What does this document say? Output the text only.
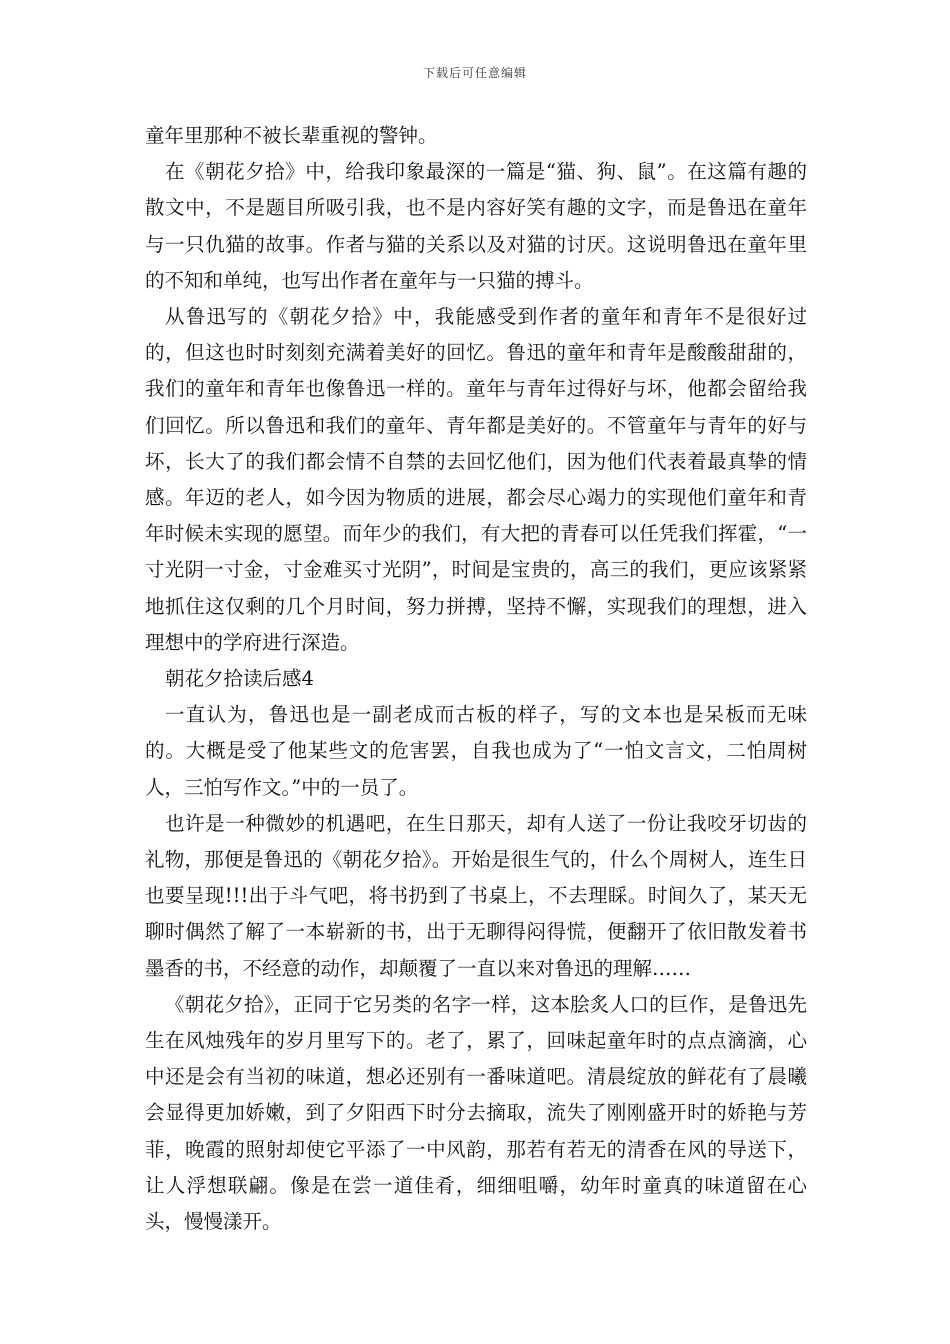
下载后可任意编辑

童年里那种不被长辈重视的警钟。

在《朝花夕拾》中，给我印象最深的一篇是“猫、狗、鼠”。在这篇有趣的散文中，不是题目所吸引我，也不是内容好笑有趣的文字，而是鲁迅在童年与一只仇猫的故事。作者与猫的关系以及对猫的讨厌。这说明鲁迅在童年里的不知和单纯，也写出作者在童年与一只猫的搏斗。

从鲁迅写的《朝花夕拾》中，我能感受到作者的童年和青年不是很好过的，但这也时时刻刻充满着美好的回忆。鲁迅的童年和青年是酸酸甜甜的，我们的童年和青年也像鲁迅一样的。童年与青年过得好与坏，他都会留给我们回忆。所以鲁迅和我们的童年、青年都是美好的。不管童年与青年的好与坏，长大了的我们都会情不自禁的去回忆他们，因为他们代表着最真挚的情感。年迈的老人，如今因为物质的进展，都会尽心竭力的实现他们童年和青年时候未实现的愿望。而年少的我们，有大把的青春可以任凭我们挥霍，“一寸光阴一寸金，寸金难买寸光阴”，时间是宝贵的，高三的我们，更应该紧紧地抓住这仅剩的几个月时间，努力拼搏，坚持不懈，实现我们的理想，进入理想中的学府进行深造。

朝花夕拾读后感4

一直认为，鲁迅也是一副老成而古板的样子，写的文本也是呆板而无味的。大概是受了他某些文的危害罢，自我也成为了“一怕文言文，二怕周树人，三怕写作文。”中的一员了。

也许是一种微妙的机遇吧，在生日那天，却有人送了一份让我咬牙切齿的礼物，那便是鲁迅的《朝花夕拾》。开始是很生气的，什么个周树人，连生日也要呈现!!!出于斗气吧，将书扔到了书桌上，不去理睬。时间久了，某天无聊时偶然了解了一本崭新的书，出于无聊得闷得慌，便翻开了依旧散发着书墨香的书，不经意的动作，却颠覆了一直以来对鲁迅的理解……

《朝花夕拾》，正同于它另类的名字一样，这本脍炙人口的巨作，是鲁迅先生在风烛残年的岁月里写下的。老了，累了，回味起童年时的点点滴滴，心中还是会有当初的味道，想必还别有一番味道吧。清晨绽放的鲜花有了晨曦会显得更加娇嫩，到了夕阳西下时分去摘取，流失了刚刚盛开时的娇艳与芳菲，晚霞的照射却使它平添了一中风韵，那若有若无的清香在风的导送下，让人浮想联翩。像是在尝一道佳肴，细细咀嚼，幼年时童真的味道留在心头，慢慢漾开。
